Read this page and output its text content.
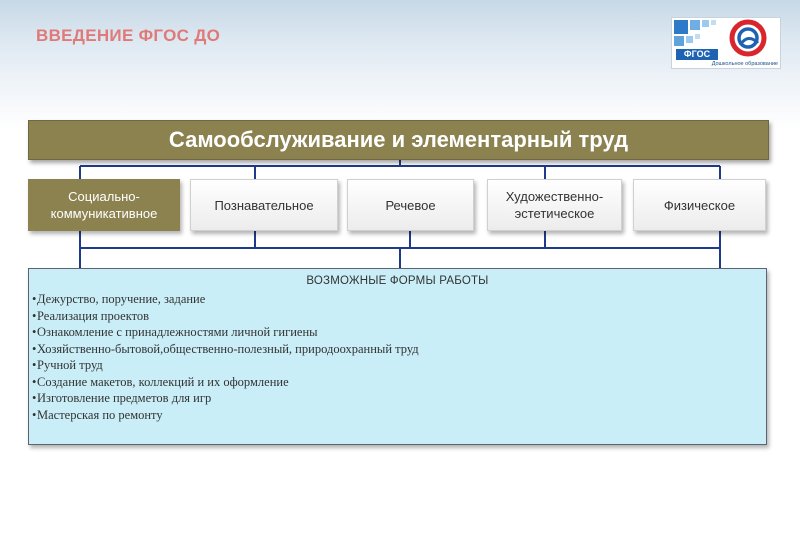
ВВЕДЕНИЕ ФГОС ДО
ФГОС
Дошкольное образование
Самообслуживание и элементарный труд
Социально-коммуникативное
Познавательное	Речевое
Художественно-эстетическое
Физическое
ВОЗМОЖНЫЕ ФОРМЫ РАБОТЫ
•Дежурство, поручение, задание
•Реализация проектов
•Ознакомление с принадлежностями личной гигиены
•Хозяйственно-бытовой,общественно-полезный, природоохранный труд
•Ручной труд
•Создание макетов, коллекций и их оформление
•Изготовление предметов для игр
•Мастерская по ремонту
